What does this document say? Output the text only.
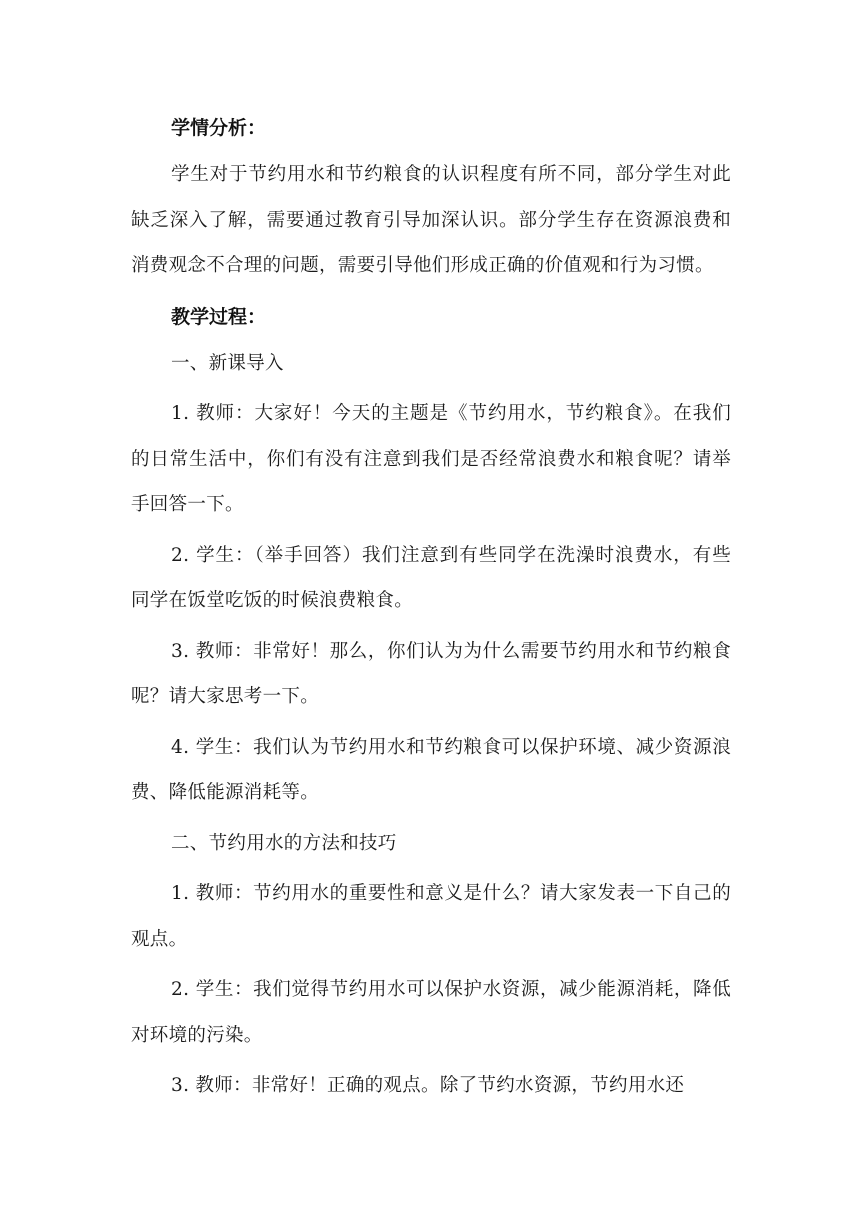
学情分析：

学生对于节约用水和节约粮食的认识程度有所不同，部分学生对此缺乏深入了解，需要通过教育引导加深认识。部分学生存在资源浪费和消费观念不合理的问题，需要引导他们形成正确的价值观和行为习惯。

教学过程：

一、新课导入

1. 教师：大家好！今天的主题是《节约用水，节约粮食》。在我们的日常生活中，你们有没有注意到我们是否经常浪费水和粮食呢？请举手回答一下。

2. 学生：（举手回答）我们注意到有些同学在洗澡时浪费水，有些同学在饭堂吃饭的时候浪费粮食。

3. 教师：非常好！那么，你们认为为什么需要节约用水和节约粮食呢？请大家思考一下。

4. 学生：我们认为节约用水和节约粮食可以保护环境、减少资源浪费、降低能源消耗等。

二、节约用水的方法和技巧

1. 教师：节约用水的重要性和意义是什么？请大家发表一下自己的观点。

2. 学生：我们觉得节约用水可以保护水资源，减少能源消耗，降低对环境的污染。

3. 教师：非常好！正确的观点。除了节约水资源，节约用水还
